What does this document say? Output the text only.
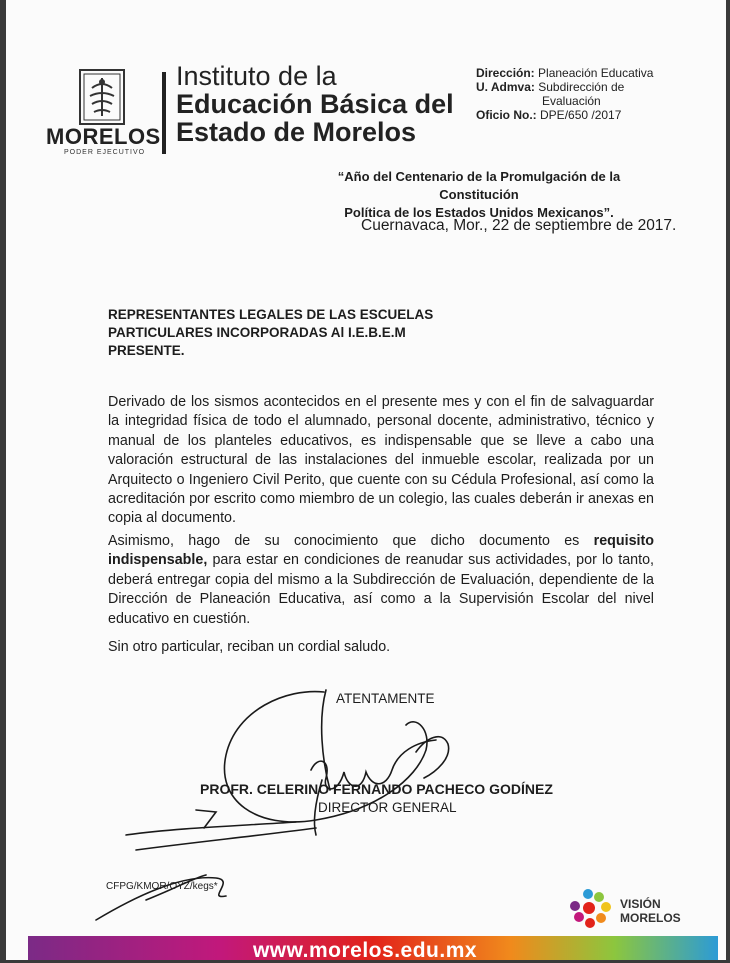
MORELOS
PODER EJECUTIVO
Instituto de la
Educación Básica del
Estado de Morelos
Dirección: Planeación Educativa
U. Admva: Subdirección de
Evaluación
Oficio No.: DPE/650 /2017
“Año del Centenario de la Promulgación de la Constitución
Política de los Estados Unidos Mexicanos”.
Cuernavaca, Mor., 22 de septiembre de 2017.
REPRESENTANTES LEGALES DE LAS ESCUELAS
PARTICULARES INCORPORADAS Al I.E.B.E.M
PRESENTE.
Derivado de los sismos acontecidos en el presente mes y con el fin de salvaguardar la integridad física de todo el alumnado, personal docente, administrativo, técnico y manual de los planteles educativos, es indispensable que se lleve a cabo una valoración estructural de las instalaciones del inmueble escolar, realizada por un Arquitecto o Ingeniero Civil Perito, que cuente con su Cédula Profesional, así como la acreditación por escrito como miembro de un colegio, las cuales deberán ir anexas en copia al documento.
Asimismo, hago de su conocimiento que dicho documento es requisito indispensable, para estar en condiciones de reanudar sus actividades, por lo tanto, deberá entregar copia del mismo a la Subdirección de Evaluación, dependiente de la Dirección de Planeación Educativa, así como a la Supervisión Escolar del nivel educativo en cuestión.
Sin otro particular, reciban un cordial saludo.
ATENTAMENTE
PROFR. CELERINO FERNANDO PACHECO GODÍNEZ
DIRECTOR GENERAL
CFPG/KMOR/OYZ/kegs*
VISIÓN
MORELOS
www.morelos.edu.mx
